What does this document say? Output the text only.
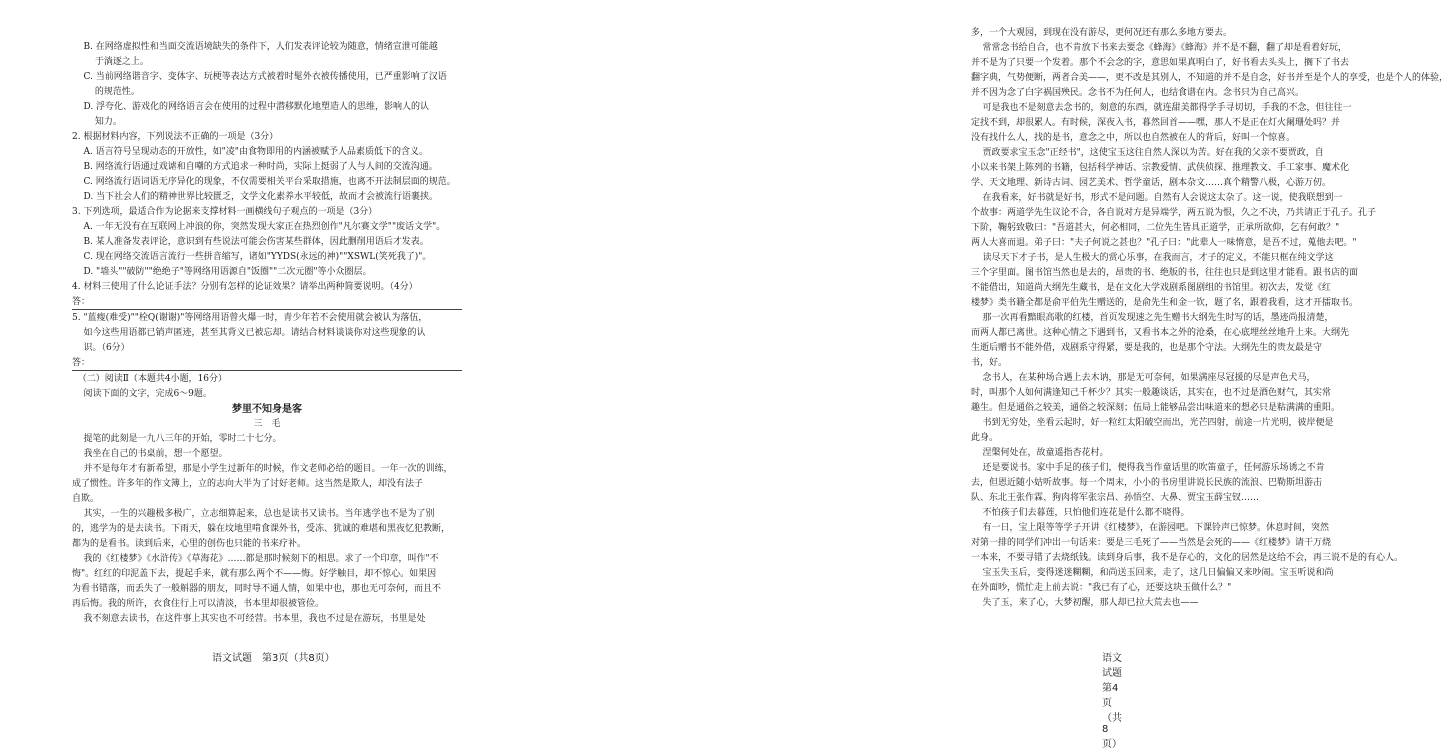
B. 在网络虚拟性和当面交流语境缺失的条件下，人们发表评论较为随意，情绪宣泄可能越
于淌逐之上。
C. 当前网络谐音字、变体字、玩梗等表达方式被着时髦外衣被传播使用，已严重影响了汉语
的规范性。
D. 浮夸化、游戏化的网络语言会在使用的过程中潜移默化地塑造人的思维，影响人的认
知力。
2. 根据材料内容，下列说法不正确的一项是（3分）
A. 语言符号呈现动态的开放性，如"凌"由食物即用的内涵被赋予人品素质低下的含义。
B. 网络流行语通过戏谑和自嘲的方式追求一种时尚，实际上挺弱了人与人间的交流沟通。
C. 网络流行语词语无序异化的现象，不仅需要相关平台采取措施，也离不开法制层面的规范。
D. 当下社会人们的精神世界比较匮乏，文学文化素养水平较低，故而才会被流行语裹挟。
3. 下列选项，最适合作为论据来支撑材料一画横线句子观点的一项是（3分）
A. 一年无没有在互联网上冲浪的你，突然发现大家正在热烈创作"凡尔赛文学""废话文学"。
B. 某人准备发表评论，意识到有些说法可能会伤害某些群体，因此删削用语后才发表。
C. 现在网络交流语言流行一些拼音缩写，诸如"YYDS(永远的神)""XSWL(笑死我了)"。
D. "墙头""破防""绝绝子"等网络用语源自"饭圈""二次元圈"等小众圈层。
4. 材料三使用了什么论证手法？分别有怎样的论证效果？请举出两种简要说明。（4分）
答：
5. "蓝瘦(难受)""栓Q(谢谢)"等网络用语曾火爆一时，青少年若不会使用就会被认为落伍，
如今这些用语都已销声匿迹，甚至其背义已被忘却。请结合材料谈谈你对这些现象的认
识。（6分）
答：
（二）阅读Ⅱ（本题共4小题，16分）
阅读下面的文字，完成6～9题。
梦里不知身是客
三　毛
提笔的此刻是一九八三年的开始，零时二十七分。
我坐在自己的书桌前，想一个愿望。
并不是每年才有新希望，那是小学生过新年的时候，作文老师必给的题目。一年一次的训练，
成了惯性。许多年的作文簿上，立的志向大半为了讨好老师。这当然是欺人，却没有法子
自欺。
其实，一生的兴趣极多极广，立志细算起来，总也是读书又读书。当年逃学也不是为了别
的，逃学为的是去读书。下雨天，躲在坟地里啃食课外书，受冻、犹诚的难堪和黑夜忆犯教断，
都为的是看书。读到后来，心里的创伤也只能的书来疗补。
我的《红楼梦》《水浒传》《草海花》……都是那时候刻下的相思。求了一个印章，叫作"不
悔"。红红的印泥盖下去，提起手来，就有那么两个不——悔。好学触目，却不惊心。如果因
为看书错落，而丢失了一般斛器的朋友，同时导不通人情，如果中也，那也无可奈何，而且不
再后悔。我的所许，衣食住行上可以清淡，书本里却很被管俭。
我不刻意去读书，在这件事上其实也不可经营。书本里，我也不过是在游玩，书里是处
语文试题　第3页（共8页）
多，一个大观园，到现在没有游尽，更何况还有那么多地方要去。
常常念书给自合，也不肯放下书来去要念《蜂海》《蜂海》并不是不翻，翻了却是看着好玩，
并不是为了只要一个发着。那个不会念的字，意思如果真明白了，好书看去头头上，搁下了书去
翻字典，气势便断，两者合美——，更不改是其别人，不知道的并不是自念，好书并至是个人的享受，也是个人的体验，
并不因为念了白字祸国殃民。念书不为任何人，也结食谱在内。念书只为自己高兴。
可是我也不是刻意去念书的，刻意的东西，就连甜美都得学手寻切切，手我的不念，但往往一
定找不到，却很累人。有时候，深夜入书，暮然回首——嘿，那人不是正在灯火阑珊处吗？并
没有找什么人，找的是书，意念之中，所以也自然被在人的背后，好叫一个惊喜。
贾政要求宝玉念"正经书"，这使宝玉这往自然人深以为苦。好在我的父亲不要贾政，自
小以来书架上陈列的书籍，包括科学神话、宗教爱情、武侠侦探、推理教文、手工家事、魔术化
学、天文地理、新诗古词、园艺美术、哲学童话，剧本杂文……真个精警八极，心游万仞。
在我看来，好书就是好书，形式不是问题。自然有人会说这太杂了。这一说，使我联想到一
个故事：两道学先生议论不合，各自说对方是异端学，两五说为恨，久之不决，乃共请正于孔子。孔子
下阶，鞠躬致敬曰："吾道甚大，何必相同，二位先生皆具正道学，正承所欲仰，乞有何敢？"
两人大喜而退。弟子曰："夫子何说之甚也？"孔子曰："此辈人一味惰意，是吾不过，蒐他去吧。"
读尽天下才子书，是人生极大的赏心乐事，在我而言，才子的定义，不能只框在纯文学这
三个字里面。图书馆当然也是去的，昂贵的书、绝版的书，往往也只是到这里才能看。跟书店的面
不能借出，知道尚大纲先生藏书，是在文化大学戏剧系图剧组的书馆里。初次去，发觉《红
楼梦》类书籍全都是俞平伯先生赠送的，是俞先生和金一钦，题了名，跟着我看，这才开擂取书。
那一次再看黯眼高歌的红楼，首页发现速之先生赠书大纲先生时写的话，墨迹尚报清楚，
而两人都已离世。这种心情之下遇到书，又看书本之外的沧桑，在心底埋丝丝地升上来。大纲先
生逝后赠书不能外借，戏剧系守得紧，要是我的，也是那个守法。大纲先生的贵友最是守
书，好。
念书人，在某种场合遇上去木讷，那是无可奈何，如果满座尽冠援的尽是声色犬马，
时，叫那个人如何满逢知己千杯少？其实一般趣谈话，其实在，也不过是酒色财气，其实常
趣生。但是通俗之较美，通俗之较深刻；伍局上能够品尝出味道来的想必只是粘满满的重阳。
书到无穷处，坐看云起时，好一粒红太阳破空而出，光芒四射，前途一片光明，彼岸便是
此身。
涅槃何处在，故童遥指杏花村。
还是要说书。家中手足的孩子们，便得我当作童话里的吹笛童子，任何游乐场诱之不肯
去，但恩近随小姑听故事。每一个周末，小小的书房里讲说长民族的流浪、巴勒斯坦游击
队、东北王张作霖、狗肉将军张宗昌、孙悟空、大鼻、贾宝玉薛宝钗……
不怕孩子们去暮莲，只怕他们连花是什么都不晓得。
有一日，宝上限等等学子开讲《红楼梦》，在游园吧。下课铃声已惊梦。休息时间，突然
对第一排的同学们冲出一句话来：要是三毛死了——当然是会死的——《红楼梦》请干万烧
一本来，不要寻错了去烧纸钱。读到身后事，我不是存心的，文化的居然是这给不会，再三说不是的有心人。
宝玉失玉后，变得迷迷糊糊，和尚送玉回来，走了，这几日偏偏又来吵闹。宝玉听说和尚
在外面吵，慌忙走上前去说："我已有了心，还要这块玉做什么？"
失了玉，来了心，大梦初醒，那人却已拉大荒去也——
语文试题　第4页（共8页）
